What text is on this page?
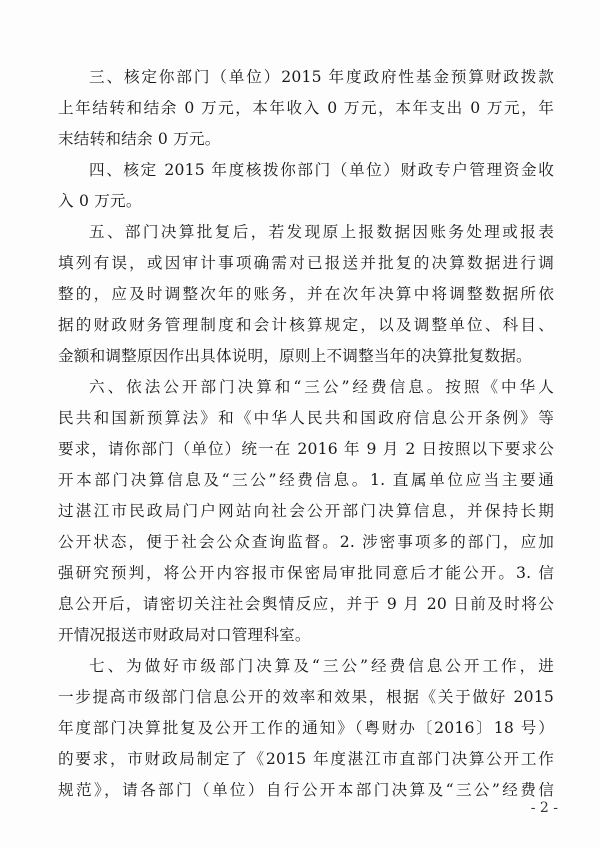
三、核定你部门（单位）2015 年度政府性基金预算财政拨款
上年结转和结余 0 万元，本年收入 0 万元，本年支出 0 万元，年
末结转和结余 0 万元。
四、核定 2015 年度核拨你部门（单位）财政专户管理资金收
入 0 万元。
五、部门决算批复后，若发现原上报数据因账务处理或报表
填列有误，或因审计事项确需对已报送并批复的决算数据进行调
整的，应及时调整次年的账务，并在次年决算中将调整数据所依
据的财政财务管理制度和会计核算规定，以及调整单位、科目、
金额和调整原因作出具体说明，原则上不调整当年的决算批复数据。
六、依法公开部门决算和“三公”经费信息。按照《中华人
民共和国新预算法》和《中华人民共和国政府信息公开条例》等
要求，请你部门（单位）统一在 2016 年 9 月 2 日按照以下要求公
开本部门决算信息及“三公”经费信息。1. 直属单位应当主要通
过湛江市民政局门户网站向社会公开部门决算信息，并保持长期
公开状态，便于社会公众查询监督。2. 涉密事项多的部门，应加
强研究预判，将公开内容报市保密局审批同意后才能公开。3. 信
息公开后，请密切关注社会舆情反应，并于 9 月 20 日前及时将公
开情况报送市财政局对口管理科室。
七、为做好市级部门决算及“三公”经费信息公开工作，进
一步提高市级部门信息公开的效率和效果，根据《关于做好 2015
年度部门决算批复及公开工作的通知》（粤财办〔2016〕18 号）
的要求，市财政局制定了《2015 年度湛江市直部门决算公开工作
规范》，请各部门（单位）自行公开本部门决算及“三公”经费信
- 2 -
